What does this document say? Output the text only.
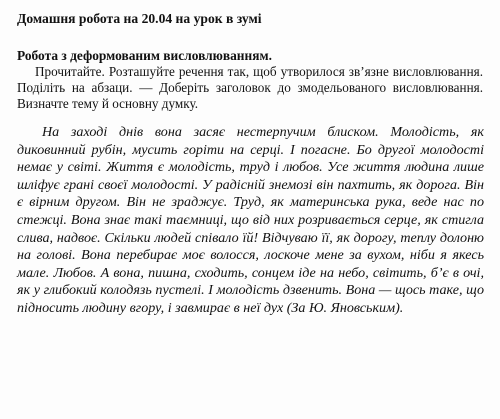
Домашня робота на 20.04 на урок в зумі
Робота з деформованим висловлюванням.
Прочитайте. Розташуйте речення так, щоб утворилося зв’язне висловлювання. Поділіть на абзаци. — Доберіть заголовок до змодельованого висловлювання. Визначте тему й основну думку.
На заході днів вона засяє нестерпучим блиском. Молодість, як диковинний рубін, мусить горіти на серці. І погасне. Бо другої молодості немає у світі. Життя є молодість, труд і любов. Усе життя людина лише шліфує грані своєї молодості. У радісній знемозі він пахтить, як дорога. Він є вірним другом. Він не зраджує. Труд, як материнська рука, веде нас по стежці. Вона знає такі таємниці, що від них розривається серце, як стигла слива, надвоє. Скільки людей співало їй! Відчуваю її, як дорогу, теплу долоню на голові. Вона перебирає моє волосся, лоскоче мене за вухом, ніби я якесь мале. Любов. А вона, пишна, сходить, сонцем іде на небо, світить, б’є в очі, як у глибокий колодязь пустелі. І молодість дзвенить. Вона — щось таке, що підносить людину вгору, і завмирає в неї дух (За Ю. Яновським).
